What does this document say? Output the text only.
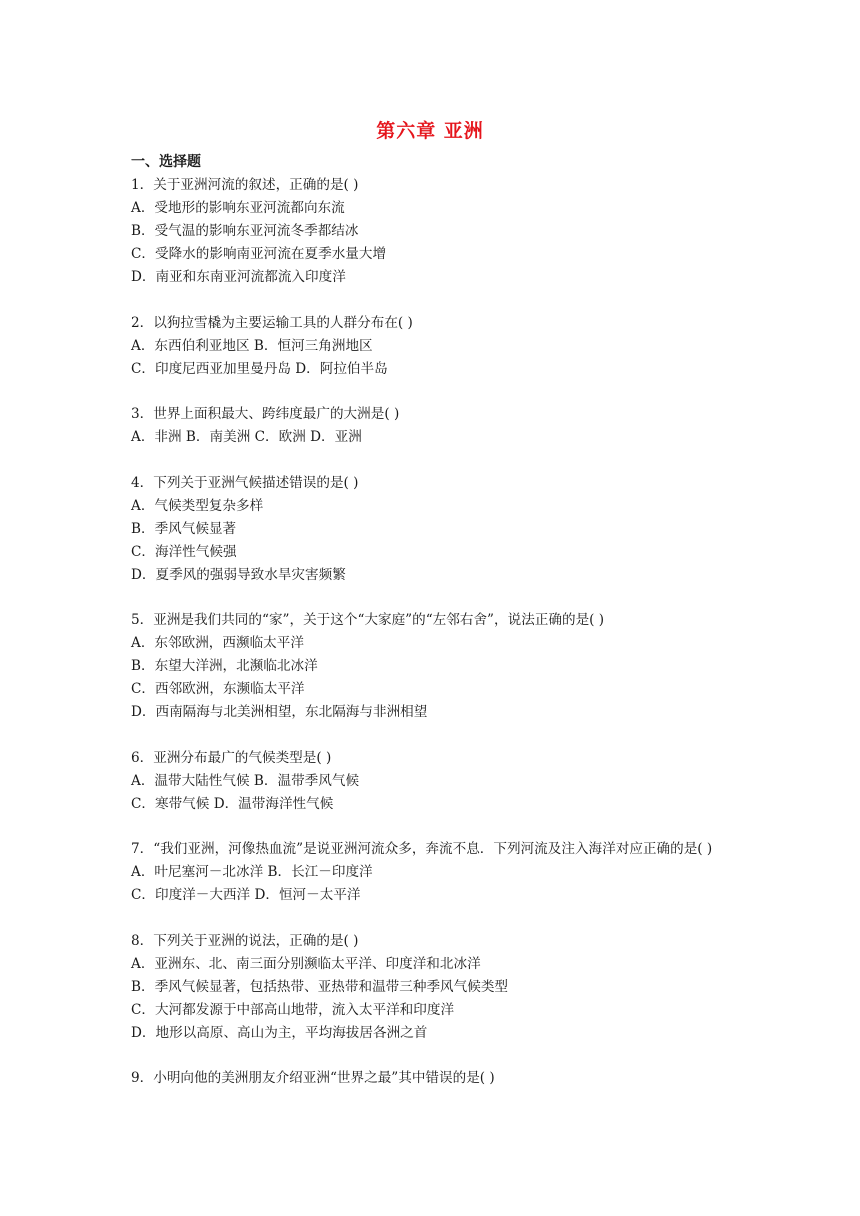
第六章 亚洲
一、选择题
1．关于亚洲河流的叙述，正确的是( )
A．受地形的影响东亚河流都向东流
B．受气温的影响东亚河流冬季都结冰
C．受降水的影响南亚河流在夏季水量大增
D．南亚和东南亚河流都流入印度洋
2．以狗拉雪橇为主要运输工具的人群分布在( )
A．东西伯利亚地区 B．恒河三角洲地区
C．印度尼西亚加里曼丹岛 D．阿拉伯半岛
3．世界上面积最大、跨纬度最广的大洲是( )
A．非洲 B．南美洲 C．欧洲 D．亚洲
4．下列关于亚洲气候描述错误的是( )
A．气候类型复杂多样
B．季风气候显著
C．海洋性气候强
D．夏季风的强弱导致水旱灾害频繁
5．亚洲是我们共同的“家”，关于这个“大家庭”的“左邻右舍”，说法正确的是( )
A．东邻欧洲，西濒临太平洋
B．东望大洋洲，北濒临北冰洋
C．西邻欧洲，东濒临太平洋
D．西南隔海与北美洲相望，东北隔海与非洲相望
6．亚洲分布最广的气候类型是( )
A．温带大陆性气候 B．温带季风气候
C．寒带气候 D．温带海洋性气候
7．“我们亚洲，河像热血流”是说亚洲河流众多，奔流不息．下列河流及注入海洋对应正确的是( )
A．叶尼塞河－北冰洋 B．长江－印度洋
C．印度洋－大西洋 D．恒河－太平洋
8．下列关于亚洲的说法，正确的是( )
A．亚洲东、北、南三面分别濒临太平洋、印度洋和北冰洋
B．季风气候显著，包括热带、亚热带和温带三种季风气候类型
C．大河都发源于中部高山地带，流入太平洋和印度洋
D．地形以高原、高山为主，平均海拔居各洲之首
9．小明向他的美洲朋友介绍亚洲“世界之最”其中错误的是( )
